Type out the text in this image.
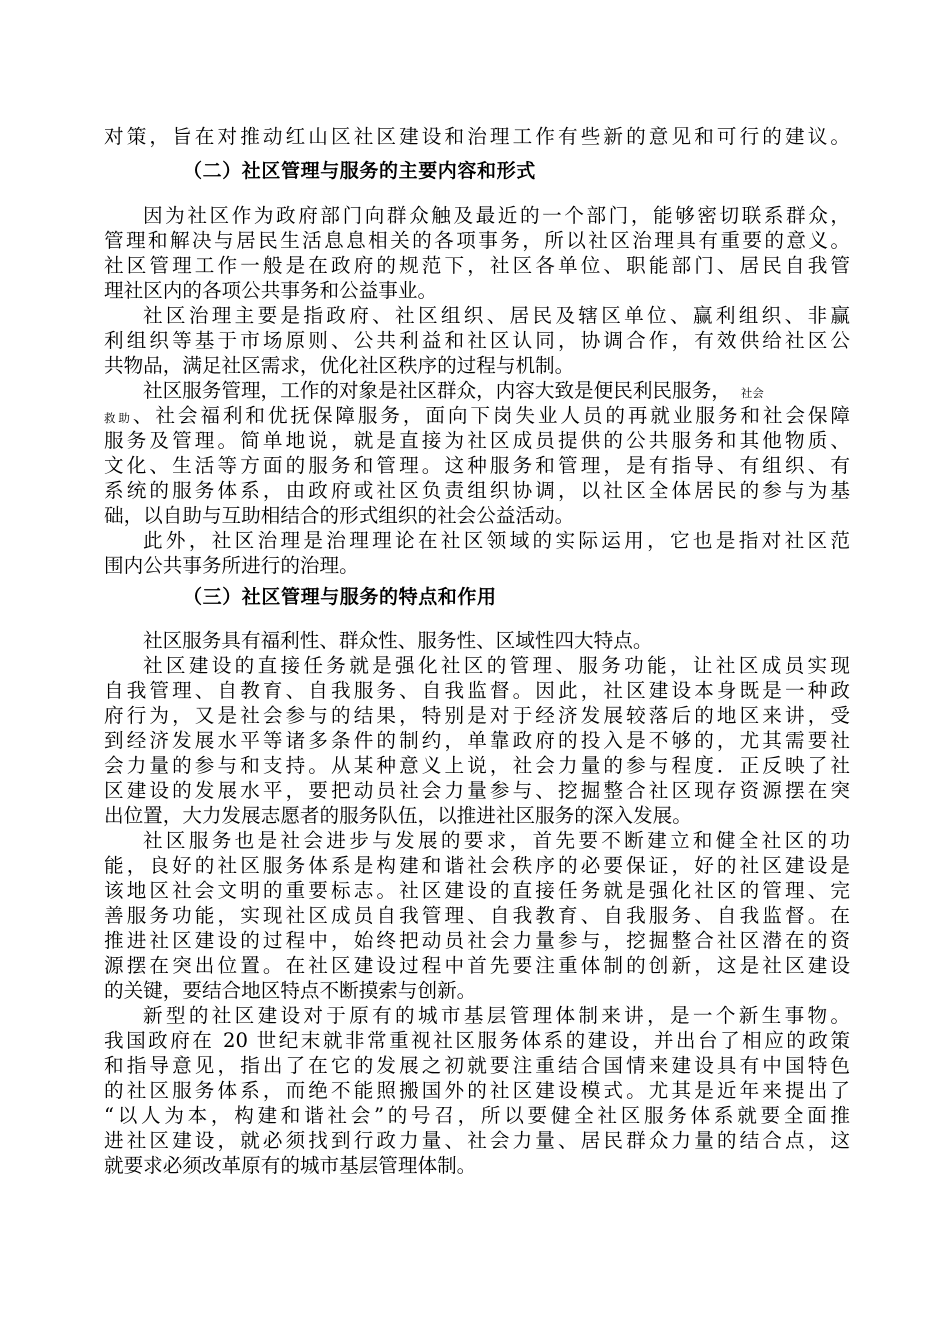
对策，旨在对推动红山区社区建设和治理工作有些新的意见和可行的建议。
（二）社区管理与服务的主要内容和形式
因为社区作为政府部门向群众触及最近的一个部门，能够密切联系群众，
管理和解决与居民生活息息相关的各项事务，所以社区治理具有重要的意义。
社区管理工作一般是在政府的规范下，社区各单位、职能部门、居民自我管
理社区内的各项公共事务和公益事业。
社区治理主要是指政府、社区组织、居民及辖区单位、赢利组织、非赢
利组织等基于市场原则、公共利益和社区认同，协调合作，有效供给社区公
共物品，满足社区需求，优化社区秩序的过程与机制。
社区服务管理，工作的对象是社区群众，内容大致是便民利民服务， 社会
救助、社会福利和优抚保障服务，面向下岗失业人员的再就业服务和社会保障
服务及管理。简单地说，就是直接为社区成员提供的公共服务和其他物质、
文化、生活等方面的服务和管理。这种服务和管理，是有指导、有组织、有
系统的服务体系，由政府或社区负责组织协调，以社区全体居民的参与为基
础，以自助与互助相结合的形式组织的社会公益活动。
此外，社区治理是治理理论在社区领域的实际运用，它也是指对社区范
围内公共事务所进行的治理。
（三）社区管理与服务的特点和作用
社区服务具有福利性、群众性、服务性、区域性四大特点。
社区建设的直接任务就是强化社区的管理、服务功能，让社区成员实现
自我管理、自教育、自我服务、自我监督。因此，社区建设本身既是一种政
府行为，又是社会参与的结果，特别是对于经济发展较落后的地区来讲，受
到经济发展水平等诸多条件的制约，单靠政府的投入是不够的，尤其需要社
会力量的参与和支持。从某种意义上说，社会力量的参与程度．正反映了社
区建设的发展水平，要把动员社会力量参与、挖掘整合社区现存资源摆在突
出位置，大力发展志愿者的服务队伍，以推进社区服务的深入发展。
社区服务也是社会进步与发展的要求，首先要不断建立和健全社区的功
能，良好的社区服务体系是构建和谐社会秩序的必要保证，好的社区建设是
该地区社会文明的重要标志。社区建设的直接任务就是强化社区的管理、完
善服务功能，实现社区成员自我管理、自我教育、自我服务、自我监督。在
推进社区建设的过程中，始终把动员社会力量参与，挖掘整合社区潜在的资
源摆在突出位置。在社区建设过程中首先要注重体制的创新，这是社区建设
的关键，要结合地区特点不断摸索与创新。
新型的社区建设对于原有的城市基层管理体制来讲，是一个新生事物。
我国政府在 20 世纪末就非常重视社区服务体系的建设，并出台了相应的政策
和指导意见，指出了在它的发展之初就要注重结合国情来建设具有中国特色
的社区服务体系，而绝不能照搬国外的社区建设模式。尤其是近年来提出了
“以人为本，构建和谐社会”的号召，所以要健全社区服务体系就要全面推
进社区建设，就必须找到行政力量、社会力量、居民群众力量的结合点，这
就要求必须改革原有的城市基层管理体制。
